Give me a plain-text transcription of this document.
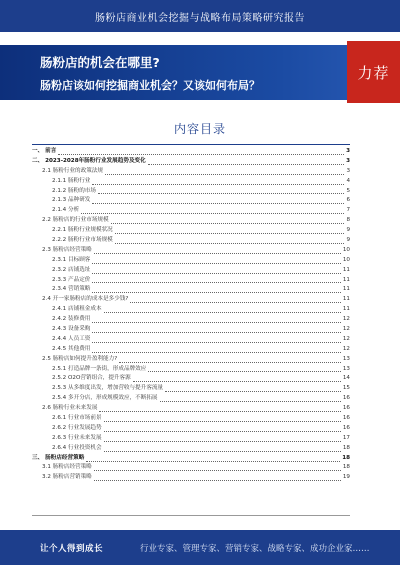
肠粉店商业机会挖掘与战略布局策略研究报告
肠粉店的机会在哪里?
肠粉店该如何挖掘商业机会？又该如何布局？
力荐
内容目录
一、 前言	3
二、 2023-2028年肠粉行业发展趋势及变化	3
2.1 肠粉行业的政策法规	3
2.1.1 肠粉行业	4
2.1.2 肠粉的市场	5
2.1.3 品种研发	6
2.1.4 分析	7
2.2 肠粉店的行业市场规模	8
2.2.1 肠粉行业规模状况	9
2.2.2 肠粉行业市场规模	9
2.3 肠粉店经营策略	10
2.3.1 目标顾客	10
2.3.2 店铺选址	11
2.3.3 产品定价	11
2.3.4 营销策略	11
2.4 开一家肠粉店的成本是多少钱?	11
2.4.1 店铺租金成本	11
2.4.2 装修费用	12
2.4.3 设备采购	12
2.4.4 人员工资	12
2.4.5 其他费用	12
2.5 肠粉店如何提升盈利能力?	13
2.5.1 打造品牌一条街，形成品牌效应	13
2.5.2 O2O营销组合，提升客源	14
2.5.3 从多维度出发，增加营收与提升客流量	15
2.5.4 多开分店，形成规模效应，不断拓展	16
2.6 肠粉行业未来发展	16
2.6.1 行业市场前景	16
2.6.2 行业发展趋势	16
2.6.3 行业未来发展	17
2.6.4 行业投资机会	18
三、 肠粉店经营策略	18
3.1 肠粉店经营策略	18
3.2 肠粉店营销策略	19
让个人得到成长	行业专家、管理专家、营销专家、战略专家、成功企业家……
